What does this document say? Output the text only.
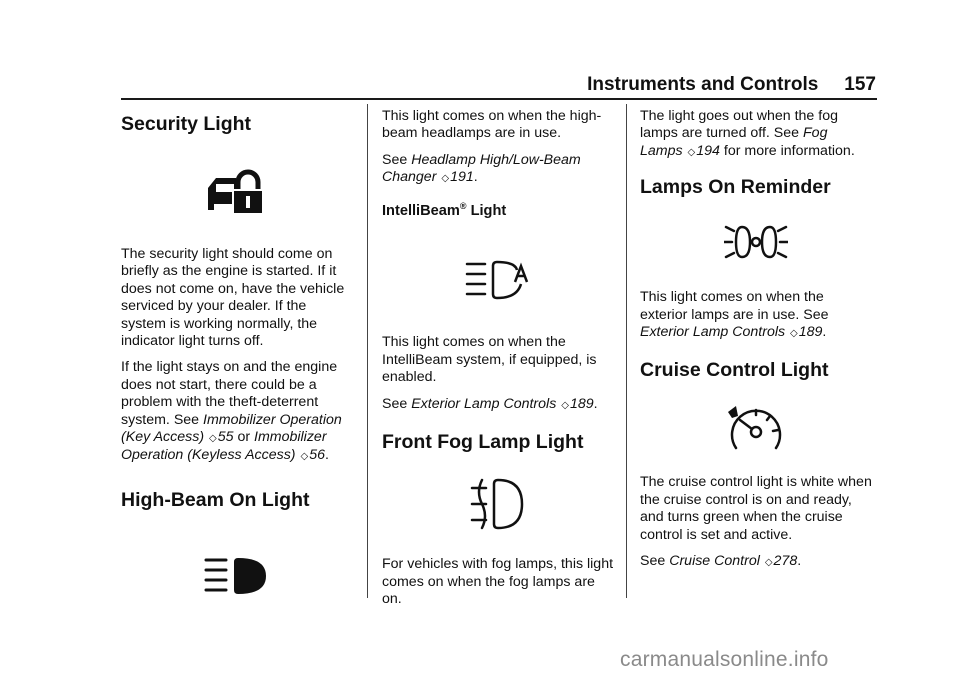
Instruments and Controls 157
Security Light

The security light should come on briefly as the engine is started. If it does not come on, have the vehicle serviced by your dealer. If the system is working normally, the indicator light turns off.

If the light stays on and the engine does not start, there could be a problem with the theft-deterrent system. See Immobilizer Operation (Key Access) ◇55 or Immobilizer Operation (Keyless Access) ◇56.

High-Beam On Light

This light comes on when the high-beam headlamps are in use.

See Headlamp High/Low-Beam Changer ◇191.

IntelliBeam® Light

This light comes on when the IntelliBeam system, if equipped, is enabled.

See Exterior Lamp Controls ◇189.

Front Fog Lamp Light

For vehicles with fog lamps, this light comes on when the fog lamps are on.

The light goes out when the fog lamps are turned off. See Fog Lamps ◇194 for more information.

Lamps On Reminder

This light comes on when the exterior lamps are in use. See Exterior Lamp Controls ◇189.

Cruise Control Light

The cruise control light is white when the cruise control is on and ready, and turns green when the cruise control is set and active.

See Cruise Control ◇278.

carmanualsonline.info
